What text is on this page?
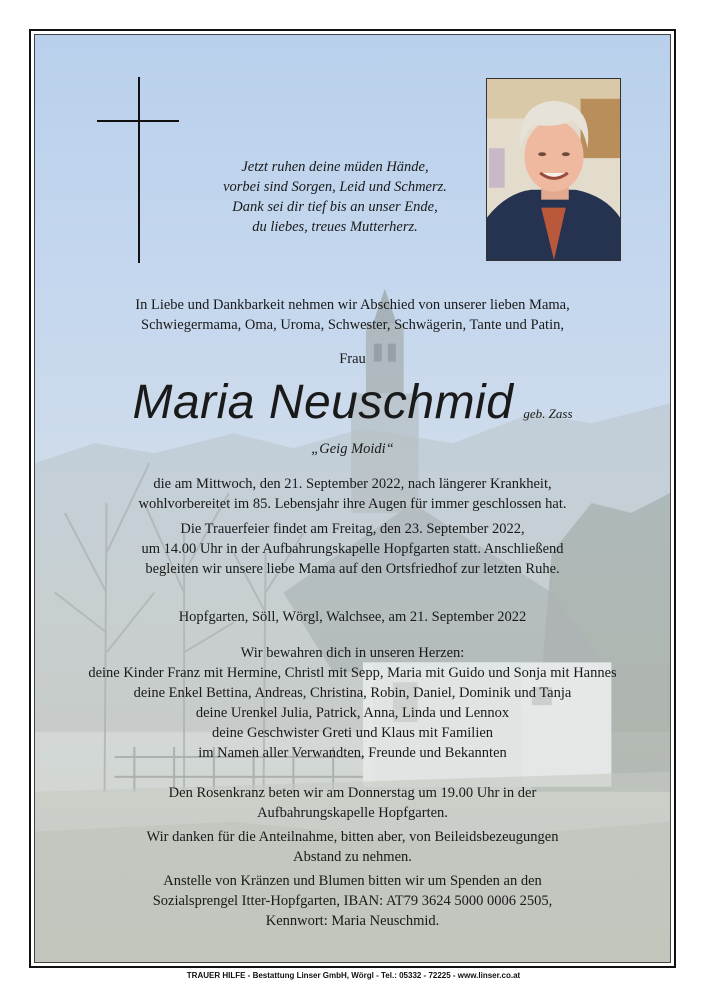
Jetzt ruhen deine müden Hände,
vorbei sind Sorgen, Leid und Schmerz.
Dank sei dir tief bis an unser Ende,
du liebes, treues Mutterherz.
In Liebe und Dankbarkeit nehmen wir Abschied von unserer lieben Mama,
Schwiegermama, Oma, Uroma, Schwester, Schwägerin, Tante und Patin,
Frau
Maria Neuschmid geb. Zass
„Geig Moidi“
die am Mittwoch, den 21. September 2022, nach längerer Krankheit,
wohlvorbereitet im 85. Lebensjahr ihre Augen für immer geschlossen hat.
Die Trauerfeier findet am Freitag, den 23. September 2022,
um 14.00 Uhr in der Aufbahrungskapelle Hopfgarten statt. Anschließend
begleiten wir unsere liebe Mama auf den Ortsfriedhof zur letzten Ruhe.
Hopfgarten, Söll, Wörgl, Walchsee, am 21. September 2022
Wir bewahren dich in unseren Herzen:
deine Kinder Franz mit Hermine, Christl mit Sepp, Maria mit Guido und Sonja mit Hannes
deine Enkel Bettina, Andreas, Christina, Robin, Daniel, Dominik und Tanja
deine Urenkel Julia, Patrick, Anna, Linda und Lennox
deine Geschwister Greti und Klaus mit Familien
im Namen aller Verwandten, Freunde und Bekannten
Den Rosenkranz beten wir am Donnerstag um 19.00 Uhr in der
Aufbahrungskapelle Hopfgarten.
Wir danken für die Anteilnahme, bitten aber, von Beileidsbezeugungen
Abstand zu nehmen.
Anstelle von Kränzen und Blumen bitten wir um Spenden an den
Sozialsprengel Itter-Hopfgarten, IBAN: AT79 3624 5000 0006 2505,
Kennwort: Maria Neuschmid.
TRAUER HILFE - Bestattung Linser GmbH, Wörgl - Tel.: 05332 - 72225 - www.linser.co.at
